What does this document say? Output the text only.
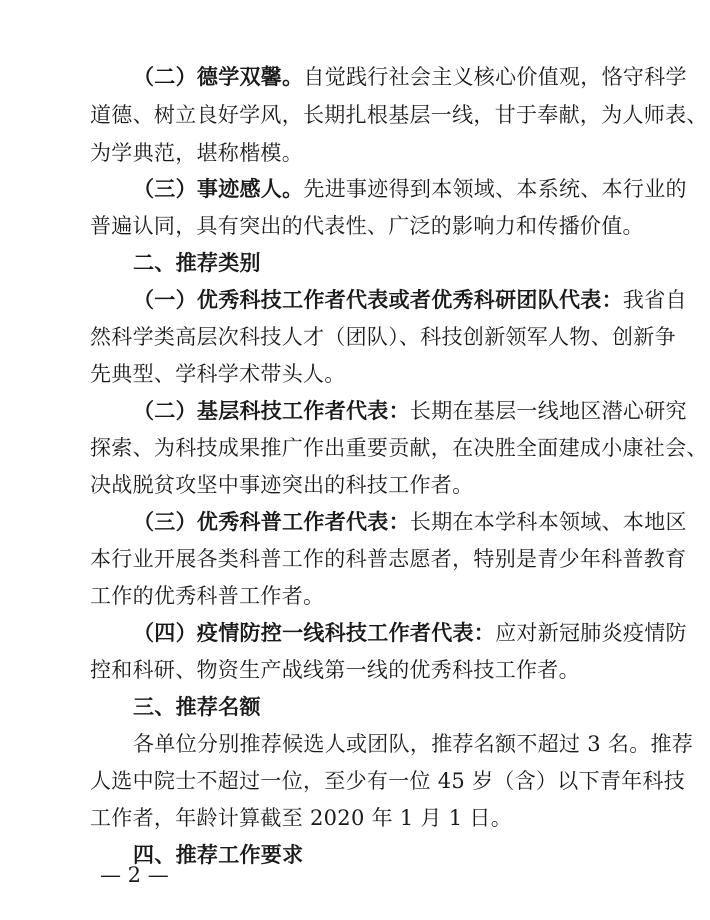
（二）德学双馨。自觉践行社会主义核心价值观，恪守科学
道德、树立良好学风，长期扎根基层一线，甘于奉献，为人师表、
为学典范，堪称楷模。
（三）事迹感人。先进事迹得到本领域、本系统、本行业的
普遍认同，具有突出的代表性、广泛的影响力和传播价值。
二、推荐类别
（一）优秀科技工作者代表或者优秀科研团队代表：我省自
然科学类高层次科技人才（团队）、科技创新领军人物、创新争
先典型、学科学术带头人。
（二）基层科技工作者代表：长期在基层一线地区潜心研究
探索、为科技成果推广作出重要贡献，在决胜全面建成小康社会、
决战脱贫攻坚中事迹突出的科技工作者。
（三）优秀科普工作者代表：长期在本学科本领域、本地区
本行业开展各类科普工作的科普志愿者，特别是青少年科普教育
工作的优秀科普工作者。
（四）疫情防控一线科技工作者代表：应对新冠肺炎疫情防
控和科研、物资生产战线第一线的优秀科技工作者。
三、推荐名额
各单位分别推荐候选人或团队，推荐名额不超过 3 名。推荐
人选中院士不超过一位，至少有一位 45 岁（含）以下青年科技
工作者，年龄计算截至 2020 年 1 月 1 日。
四、推荐工作要求
— 2 —
